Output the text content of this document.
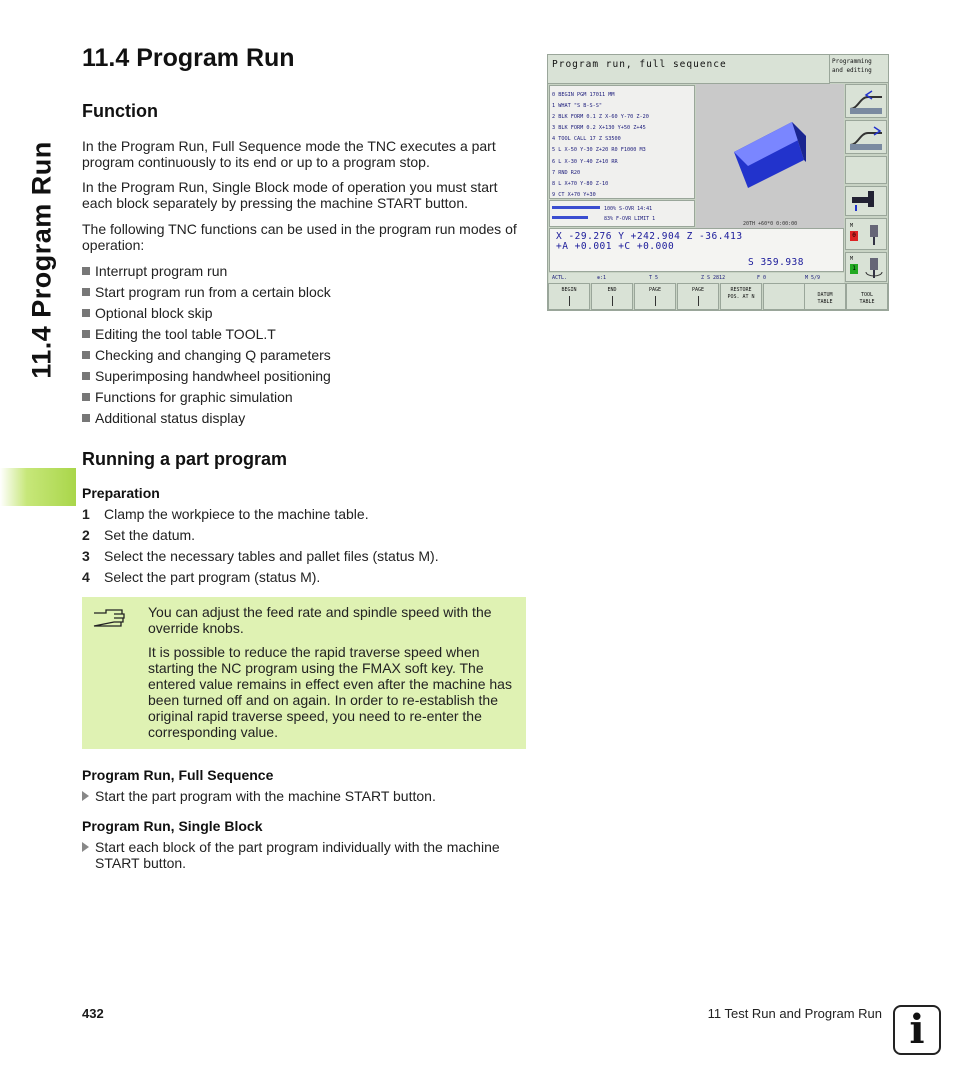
11.4 Program Run
11.4 Program Run
Function

In the Program Run, Full Sequence mode the TNC executes a part program continuously to its end or up to a program stop.

In the Program Run, Single Block mode of operation you must start each block separately by pressing the machine START button.

The following TNC functions can be used in the program run modes of operation:

Interrupt program run
Start program run from a certain block
Optional block skip
Editing the tool table TOOL.T
Checking and changing Q parameters
Superimposing handwheel positioning
Functions for graphic simulation
Additional status display
Running a part program
Preparation
1 Clamp the workpiece to the machine table.
2 Set the datum.
3 Select the necessary tables and pallet files (status M).
4 Select the part program (status M).

You can adjust the feed rate and spindle speed with the override knobs.

It is possible to reduce the rapid traverse speed when starting the NC program using the FMAX soft key. The entered value remains in effect even after the machine has been turned off and on again. In order to re-establish the original rapid traverse speed, you need to re-enter the corresponding value.

Program Run, Full Sequence
Start the part program with the machine START button.
Program Run, Single Block
Start each block of the part program individually with the machine START button.
Program run, full sequence	Programming
and editing
0 BEGIN PGM 17011 MM
1 WHAT "S B-S-S"
2 BLK FORM 0.1 Z X-60 Y-70 Z-20
3 BLK FORM 0.2 X+130 Y+50 Z+45
4 TOOL CALL 17 Z S3500
5 L X-50 Y-30 Z+20 R0 F1000 M3
6 L X-30 Y-40 Z+10 RR
7 RND R20
8 L X+70 Y-80 Z-10
9 CT X+70 Y+30
20TH +60*0 0:00:00
100% S-OVR 14:41
83% F-OVR LIMIT 1
X -29.276 Y +242.904 Z -36.413
+A +0.001 +C +0.000
S 359.938
ACTL.	⊕:1	T 5	Z S 2812	F 0	M 5/9
M
0
M
1
BEGIN	END	PAGE	PAGE	RESTORE
POS. AT N	DATUM
TABLE
TOOL
TABLE
432	11 Test Run and Program Run i
